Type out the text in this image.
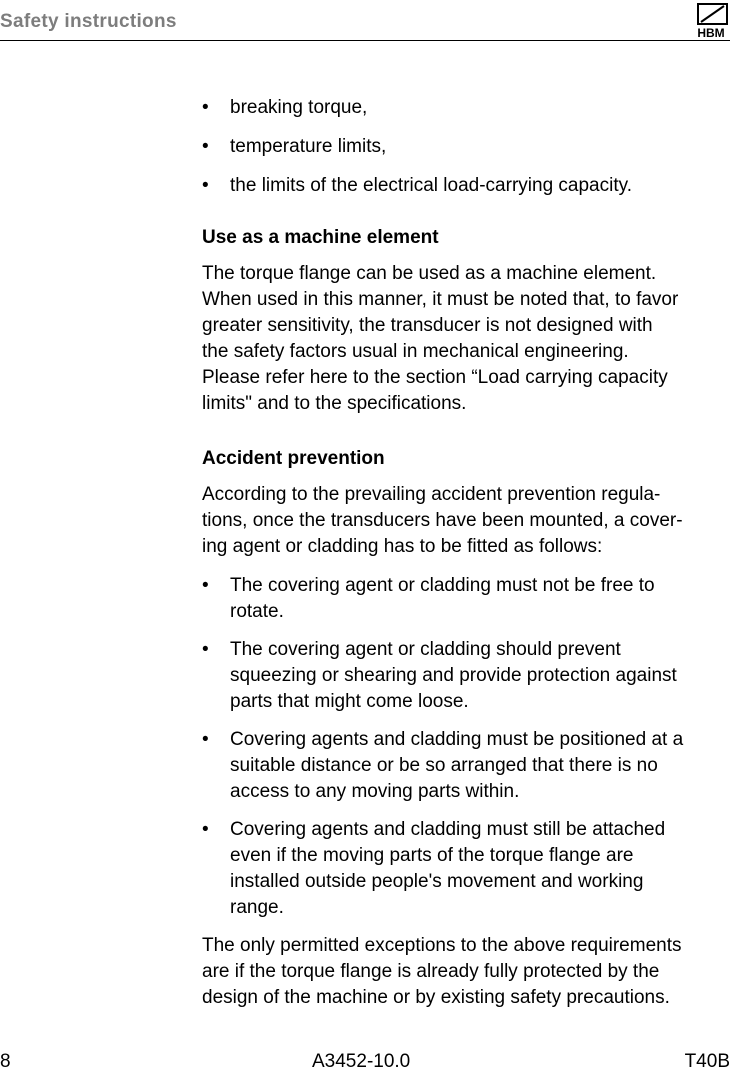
Safety instructions
HBM
• breaking torque,
• temperature limits,
• the limits of the electrical load-carrying capacity.
Use as a machine element
The torque flange can be used as a machine element.
When used in this manner, it must be noted that, to favor
greater sensitivity, the transducer is not designed with
the safety factors usual in mechanical engineering.
Please refer here to the section “Load carrying capacity
limits" and to the specifications.
Accident prevention
According to the prevailing accident prevention regula-
tions, once the transducers have been mounted, a cover-
ing agent or cladding has to be fitted as follows:
• The covering agent or cladding must not be free to
rotate.
• The covering agent or cladding should prevent
squeezing or shearing and provide protection against
parts that might come loose.
• Covering agents and cladding must be positioned at a
suitable distance or be so arranged that there is no
access to any moving parts within.
• Covering agents and cladding must still be attached
even if the moving parts of the torque flange are
installed outside people's movement and working
range.
The only permitted exceptions to the above requirements
are if the torque flange is already fully protected by the
design of the machine or by existing safety precautions.
8	A3452-10.0	T40B
